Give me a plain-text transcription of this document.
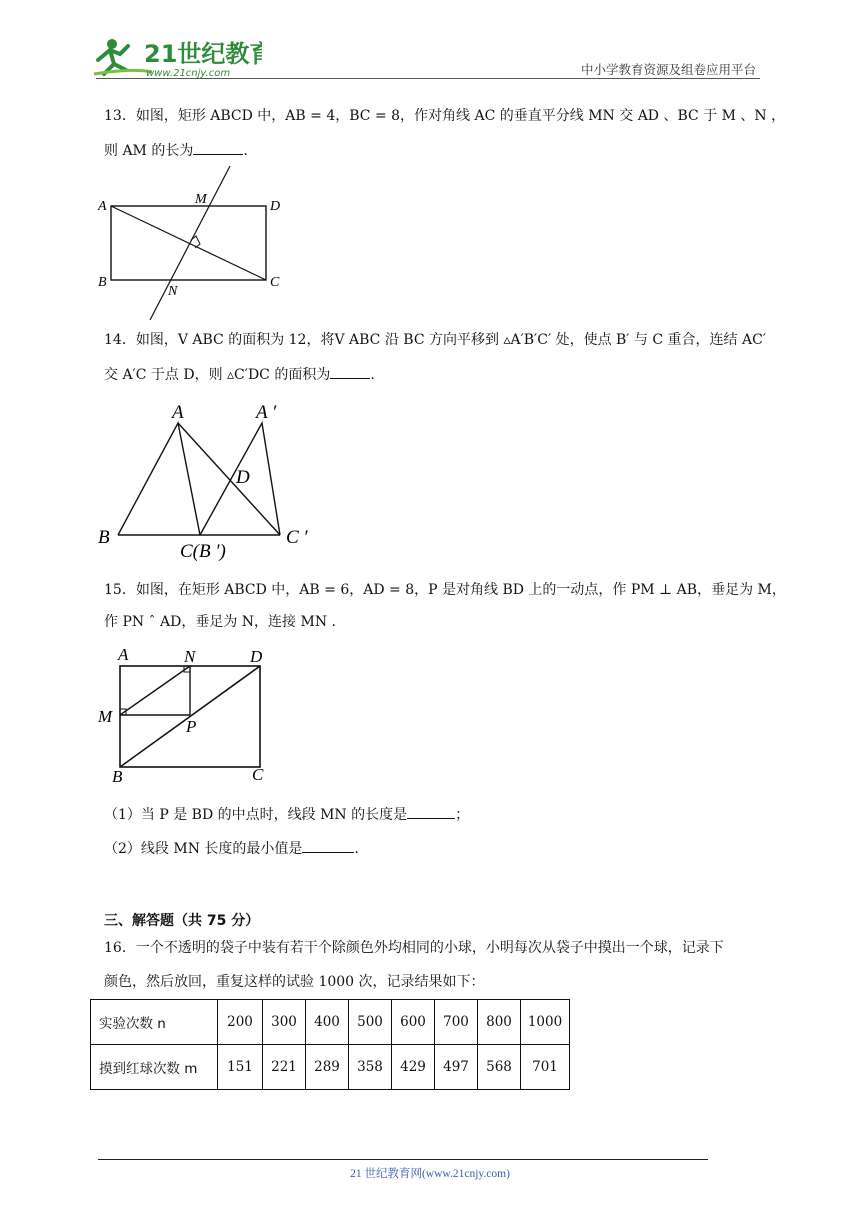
21世纪教育
www.21cnjy.com	中小学教育资源及组卷应用平台
13．如图，矩形 ABCD 中，AB = 4，BC = 8，作对角线 AC 的垂直平分线 MN 交 AD 、BC 于 M 、N ，
则 AM 的长为	.
A
B	C
D
M
N
14．如图，V ABC 的面积为 12，将V ABC 沿 BC 方向平移到 ▵A′B′C′ 处，使点 B′ 与 C 重合，连结 AC′
交 A′C 于点 D，则 ▵C′DC 的面积为	.
A	A ′
B
C(B ′)
C ′
D
15．如图，在矩形 ABCD 中，AB = 6，AD = 8，P 是对角线 BD 上的一动点，作 PM ⊥ AB，垂足为 M，
作 PN ˆ AD，垂足为 N，连接 MN .
A	N	D
M
P
B	C
（1）当 P 是 BD 的中点时，线段 MN 的长度是	；
（2）线段 MN 长度的最小值是	.
三、解答题（共 75 分）
16．一个不透明的袋子中装有若干个除颜色外均相同的小球，小明每次从袋子中摸出一个球，记录下
颜色，然后放回，重复这样的试验 1000 次，记录结果如下：
实验次数 n	200	300	400	500	600	700	800	1000
摸到红球次数 m	151	221	289	358	429	497	568	701
21 世纪教育网(www.21cnjy.com)
